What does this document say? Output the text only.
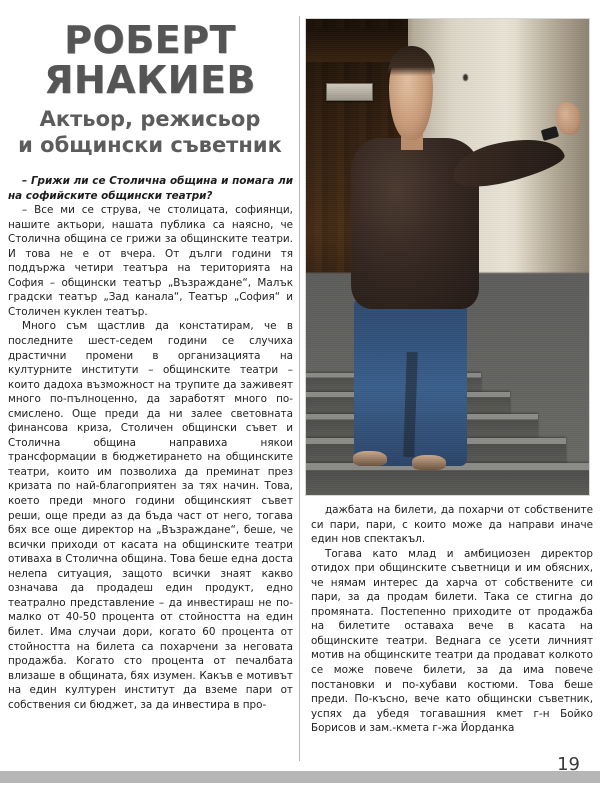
РОБЕРТ
ЯНАКИЕВ
Актьор, режисьор
и общински съветник

– Грижи ли се Столична община и помага ли на софийските общински театри?

– Все ми се струва, че столицата, софиянци, нашите актьори, нашата публика са наясно, че Столична община се грижи за общинските театри. И това не е от вчера. От дълги години тя поддържа четири театъра на територията на София – общински театър „Възраждане“, Малък градски театър „Зад канала“, Театър „София“ и Столичен куклен театър.

Много съм щастлив да констатирам, че в последните шест-седем години се случиха драстични промени в организацията на културните институти – общинските театри – които дадоха възможност на трупите да заживеят много по-пълноценно, да заработят много по-смислено. Още преди да ни залее световната финансова криза, Столичен общински съвет и Столична община направиха някои трансформации в бюджетирането на общинските театри, които им позволиха да преминат през кризата по най-благоприятен за тях начин. Това, което преди много години общинският съвет реши, още преди аз да бъда част от него, тогава бях все още директор на „Възраждане“, беше, че всички приходи от касата на общинските театри отиваха в Столична община. Това беше една доста нелепа ситуация, защото всички знаят какво означава да продадеш един продукт, едно театрално представление – да инвестираш не по-малко от 40-50 процента от стойността на един билет. Има случаи дори, когато 60 процента от стойността на билета са похарчени за неговата продажба. Когато сто процента от печалбата влизаше в общината, бях изумен. Какъв е мотивът на един културен институт да вземе пари от собствения си бюджет, за да инвестира в про-

дажбата на билети, да похарчи от собствените си пари, пари, с които може да направи иначе един нов спектакъл.

Тогава като млад и амбициозен директор отидох при общинските съветници и им обясних, че нямам интерес да харча от собствените си пари, за да продам билети. Така се стигна до промяната. Постепенно приходите от продажба на билетите оставаха вече в касата на общинските театри. Веднага се усети личният мотив на общинските театри да продават колкото се може повече билети, за да има повече постановки и по-хубави костюми. Това беше преди. По-късно, вече като общински съветник, успях да убедя тогавашния кмет г-н Бойко Борисов и зам.-кмета г-жа Йорданка

19
